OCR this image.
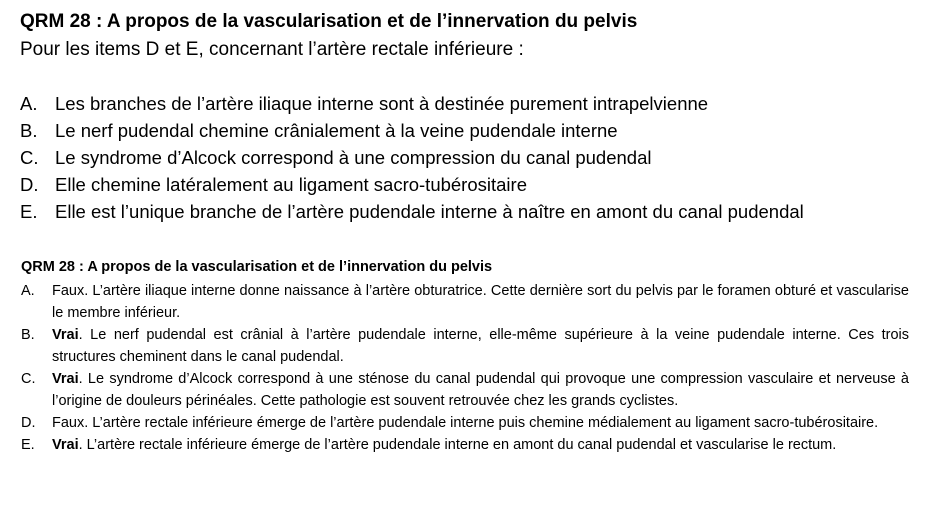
QRM 28 : A propos de la vascularisation et de l’innervation du pelvis
Pour les items D et E, concernant l’artère rectale inférieure :
A. Les branches de l’artère iliaque interne sont à destinée purement intrapelvienne
B. Le nerf pudendal chemine crânialement à la veine pudendale interne
C. Le syndrome d’Alcock correspond à une compression du canal pudendal
D. Elle chemine latéralement au ligament sacro-tubérositaire
E. Elle est l’unique branche de l’artère pudendale interne à naître en amont du canal pudendal
QRM 28 : A propos de la vascularisation et de l’innervation du pelvis
A. Faux. L’artère iliaque interne donne naissance à l’artère obturatrice. Cette dernière sort du pelvis par le foramen obturé et vascularise le membre inférieur.
B. Vrai. Le nerf pudendal est crânial à l’artère pudendale interne, elle-même supérieure à la veine pudendale interne. Ces trois structures cheminent dans le canal pudendal.
C. Vrai. Le syndrome d’Alcock correspond à une sténose du canal pudendal qui provoque une compression vasculaire et nerveuse à l’origine de douleurs périnéales. Cette pathologie est souvent retrouvée chez les grands cyclistes.
D. Faux. L’artère rectale inférieure émerge de l’artère pudendale interne puis chemine médialement au ligament sacro-tubérositaire.
E. Vrai. L’artère rectale inférieure émerge de l’artère pudendale interne en amont du canal pudendal et vascularise le rectum.
